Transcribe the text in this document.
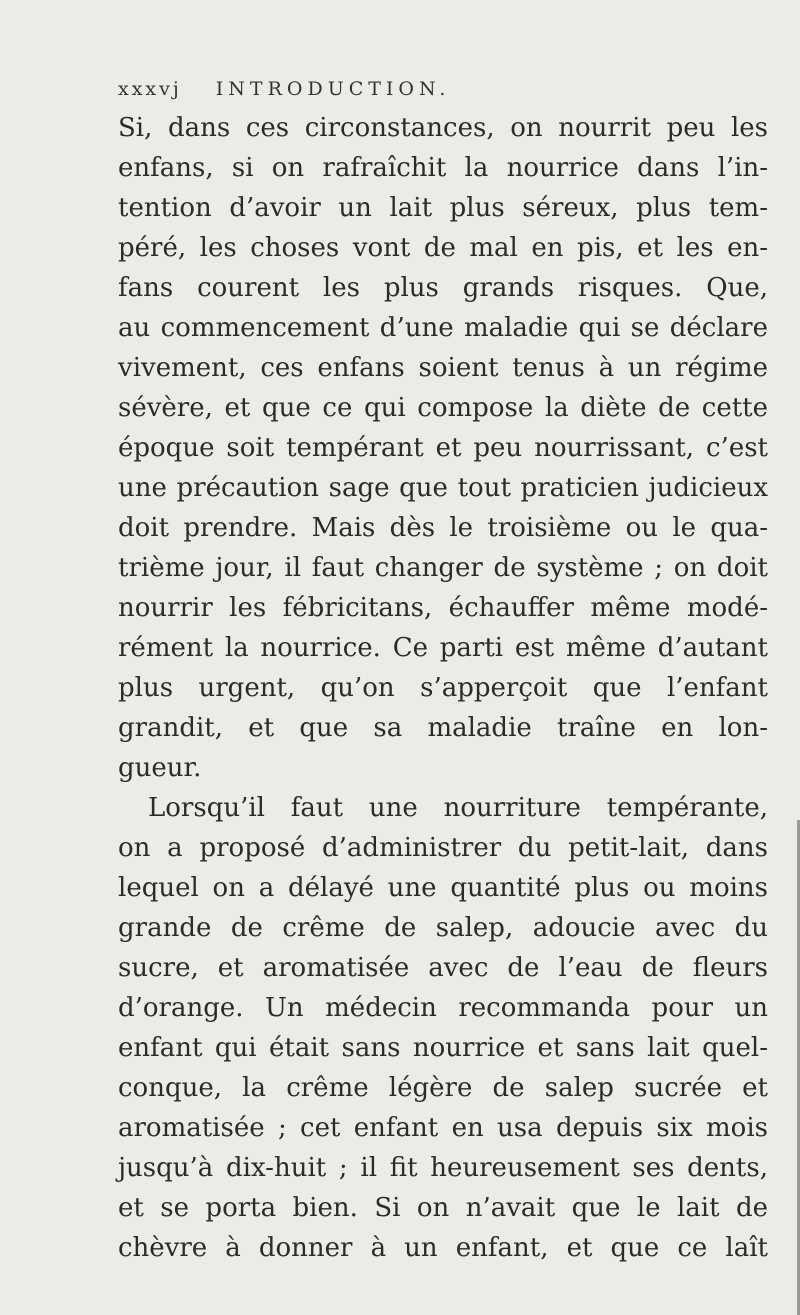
xxxvj INTRODUCTION.
Si, dans ces circonstances, on nourrit peu les
enfans, si on rafraîchit la nourrice dans l’in-
tention d’avoir un lait plus séreux, plus tem-
péré, les choses vont de mal en pis, et les en-
fans courent les plus grands risques. Que,
au commencement d’une maladie qui se déclare
vivement, ces enfans soient tenus à un régime
sévère, et que ce qui compose la diète de cette
époque soit tempérant et peu nourrissant, c’est
une précaution sage que tout praticien judicieux
doit prendre. Mais dès le troisième ou le qua-
trième jour, il faut changer de système ; on doit
nourrir les fébricitans, échauffer même modé-
rément la nourrice. Ce parti est même d’autant
plus urgent, qu’on s’apperçoit que l’enfant
grandit, et que sa maladie traîne en lon-
gueur.
Lorsqu’il faut une nourriture tempérante,
on a proposé d’administrer du petit-lait, dans
lequel on a délayé une quantité plus ou moins
grande de crême de salep, adoucie avec du
sucre, et aromatisée avec de l’eau de fleurs
d’orange. Un médecin recommanda pour un
enfant qui était sans nourrice et sans lait quel-
conque, la crême légère de salep sucrée et
aromatisée ; cet enfant en usa depuis six mois
jusqu’à dix-huit ; il fit heureusement ses dents,
et se porta bien. Si on n’avait que le lait de
chèvre à donner à un enfant, et que ce laît
